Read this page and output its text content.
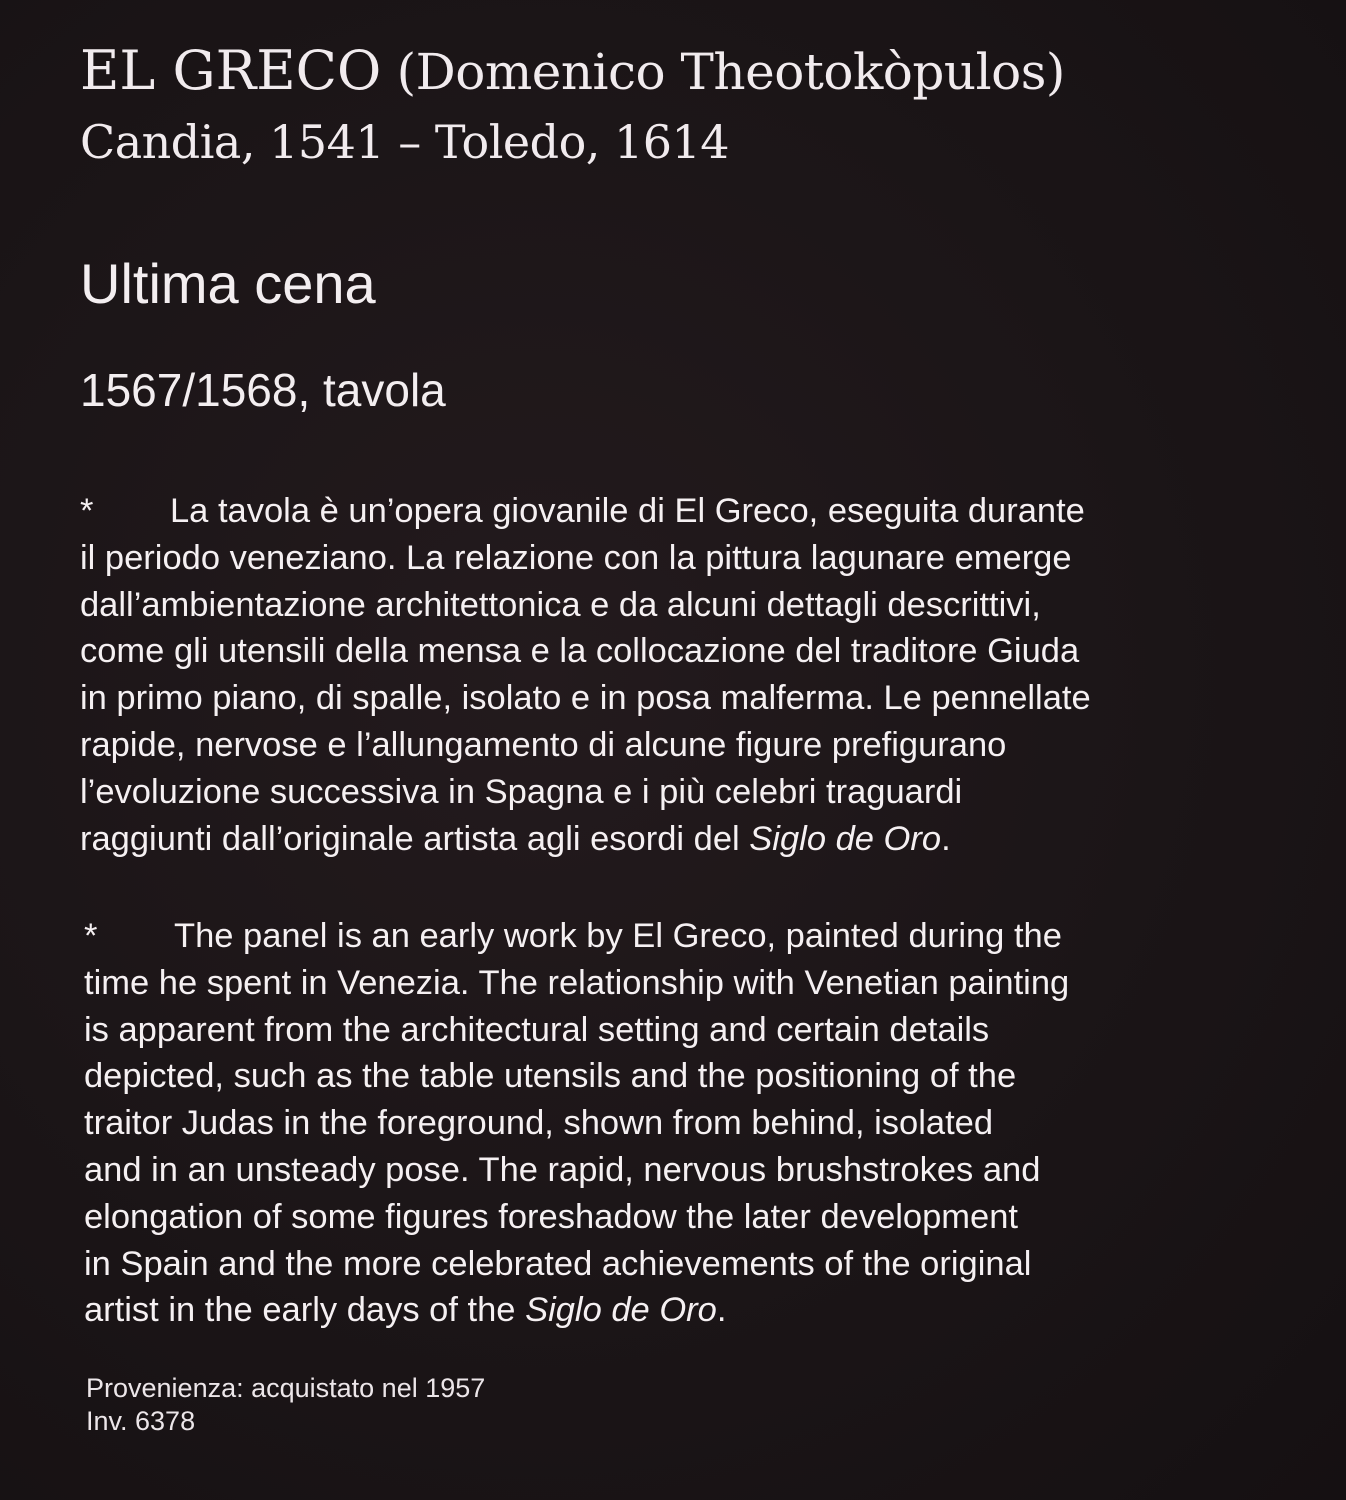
EL GRECO (Domenico Theotokòpulos)
Candia, 1541 – Toledo, 1614
Ultima cena
1567/1568, tavola
* La tavola è un’opera giovanile di El Greco, eseguita durante
il periodo veneziano. La relazione con la pittura lagunare emerge
dall’ambientazione architettonica e da alcuni dettagli descrittivi,
come gli utensili della mensa e la collocazione del traditore Giuda
in primo piano, di spalle, isolato e in posa malferma. Le pennellate
rapide, nervose e l’allungamento di alcune figure prefigurano
l’evoluzione successiva in Spagna e i più celebri traguardi
raggiunti dall’originale artista agli esordi del Siglo de Oro.
* The panel is an early work by El Greco, painted during the
time he spent in Venezia. The relationship with Venetian painting
is apparent from the architectural setting and certain details
depicted, such as the table utensils and the positioning of the
traitor Judas in the foreground, shown from behind, isolated
and in an unsteady pose. The rapid, nervous brushstrokes and
elongation of some figures foreshadow the later development
in Spain and the more celebrated achievements of the original
artist in the early days of the Siglo de Oro.
Provenienza: acquistato nel 1957
Inv. 6378
